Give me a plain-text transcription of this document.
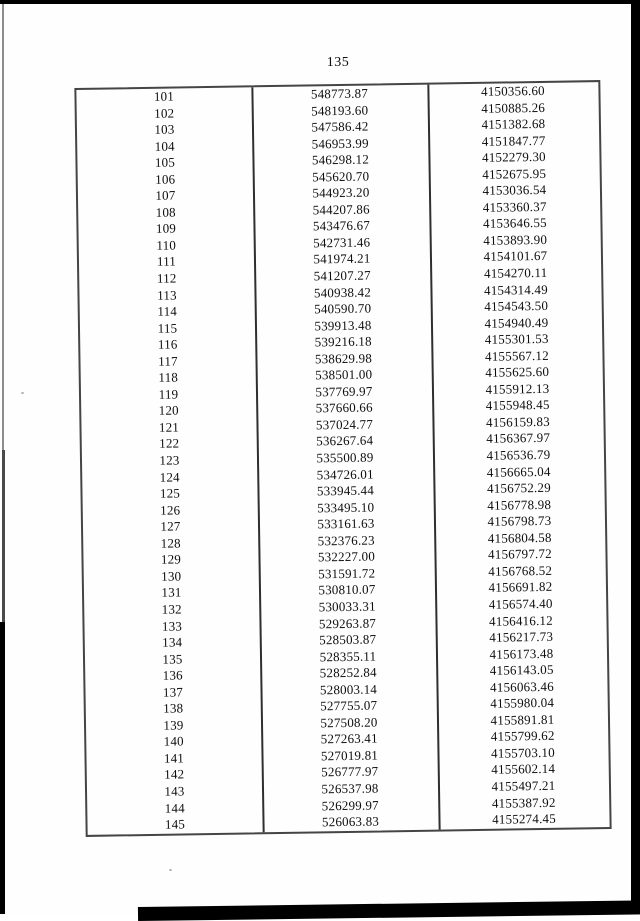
135
101	548773.87	4150356.60
102	548193.60	4150885.26
103	547586.42	4151382.68
104	546953.99	4151847.77
105	546298.12	4152279.30
106	545620.70	4152675.95
107	544923.20	4153036.54
108	544207.86	4153360.37
109	543476.67	4153646.55
110	542731.46	4153893.90
111	541974.21	4154101.67
112	541207.27	4154270.11
113	540938.42	4154314.49
114	540590.70	4154543.50
115	539913.48	4154940.49
116	539216.18	4155301.53
117	538629.98	4155567.12
118	538501.00	4155625.60
119	537769.97	4155912.13
120	537660.66	4155948.45
121	537024.77	4156159.83
122	536267.64	4156367.97
123	535500.89	4156536.79
124	534726.01	4156665.04
125	533945.44	4156752.29
126	533495.10	4156778.98
127	533161.63	4156798.73
128	532376.23	4156804.58
129	532227.00	4156797.72
130	531591.72	4156768.52
131	530810.07	4156691.82
132	530033.31	4156574.40
133	529263.87	4156416.12
134	528503.87	4156217.73
135	528355.11	4156173.48
136	528252.84	4156143.05
137	528003.14	4156063.46
138	527755.07	4155980.04
139	527508.20	4155891.81
140	527263.41	4155799.62
141	527019.81	4155703.10
142	526777.97	4155602.14
143	526537.98	4155497.21
144	526299.97	4155387.92
145	526063.83	4155274.45
